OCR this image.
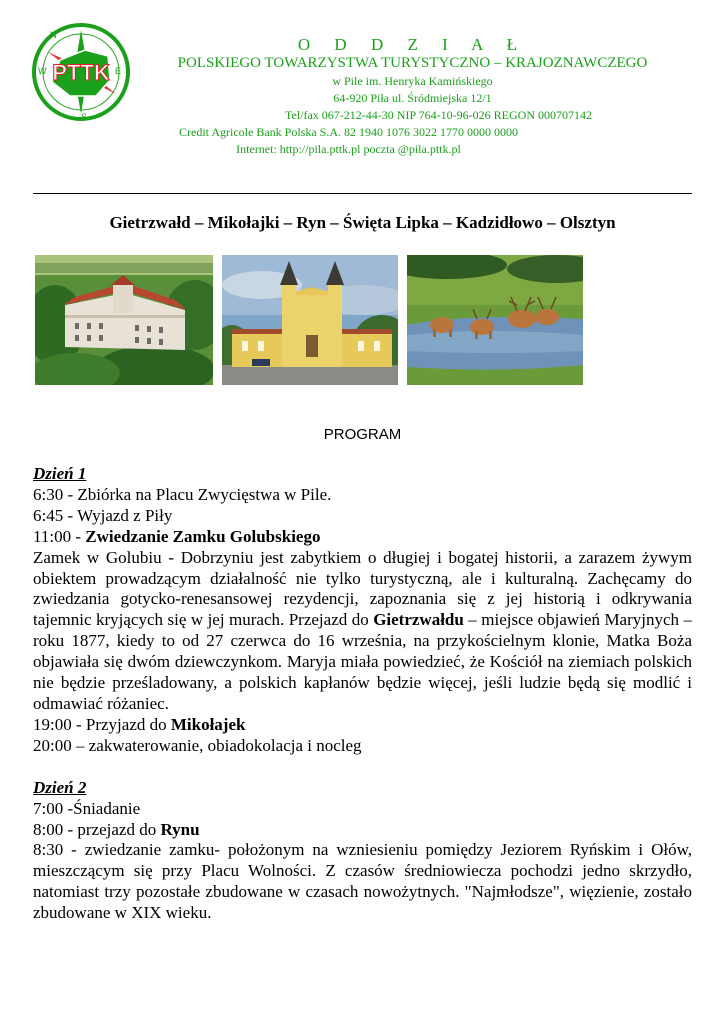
N
E
S
W PTTK
O D D Z I A Ł
POLSKIEGO TOWARZYSTWA TURYSTYCZNO – KRAJOZNAWCZEGO
w Pile im. Henryka Kamińskiego
64-920 Piła ul. Śródmiejska 12/1
Tel/fax 067-212-44-30 NIP 764-10-96-026 REGON 000707142
Credit Agricole Bank Polska S.A. 82 1940 1076 3022 1770 0000 0000
Internet: http://pila.pttk.pl poczta @pila.pttk.pl
Gietrzwałd – Mikołajki – Ryn – Święta Lipka – Kadzidłowo – Olsztyn
PROGRAM

Dzień 1

6:30 - Zbiórka na Placu Zwycięstwa w Pile.

6:45 - Wyjazd z Piły

11:00 - Zwiedzanie Zamku Golubskiego

Zamek w Golubiu - Dobrzyniu jest zabytkiem o długiej i bogatej historii, a zarazem żywym obiektem prowadzącym działalność nie tylko turystyczną, ale i kulturalną. Zachęcamy do zwiedzania gotycko-renesansowej rezydencji, zapoznania się z jej historią i odkrywania tajemnic kryjących się w jej murach. Przejazd do Gietrzwałdu – miejsce objawień Maryjnych – roku 1877, kiedy to od 27 czerwca do 16 września, na przykościelnym klonie, Matka Boża objawiała się dwóm dziewczynkom. Maryja miała powiedzieć, że Kościół na ziemiach polskich nie będzie prześladowany, a polskich kapłanów będzie więcej, jeśli ludzie będą się modlić i odmawiać różaniec.

19:00 - Przyjazd do Mikołajek

20:00 – zakwaterowanie, obiadokolacja i nocleg

Dzień 2

7:00 -Śniadanie

8:00 - przejazd do Rynu

8:30 - zwiedzanie zamku- położonym na wzniesieniu pomiędzy Jeziorem Ryńskim i Ołów, mieszczącym się przy Placu Wolności. Z czasów średniowiecza pochodzi jedno skrzydło, natomiast trzy pozostałe zbudowane w czasach nowożytnych. "Najmłodsze", więzienie, zostało zbudowane w XIX wieku.
